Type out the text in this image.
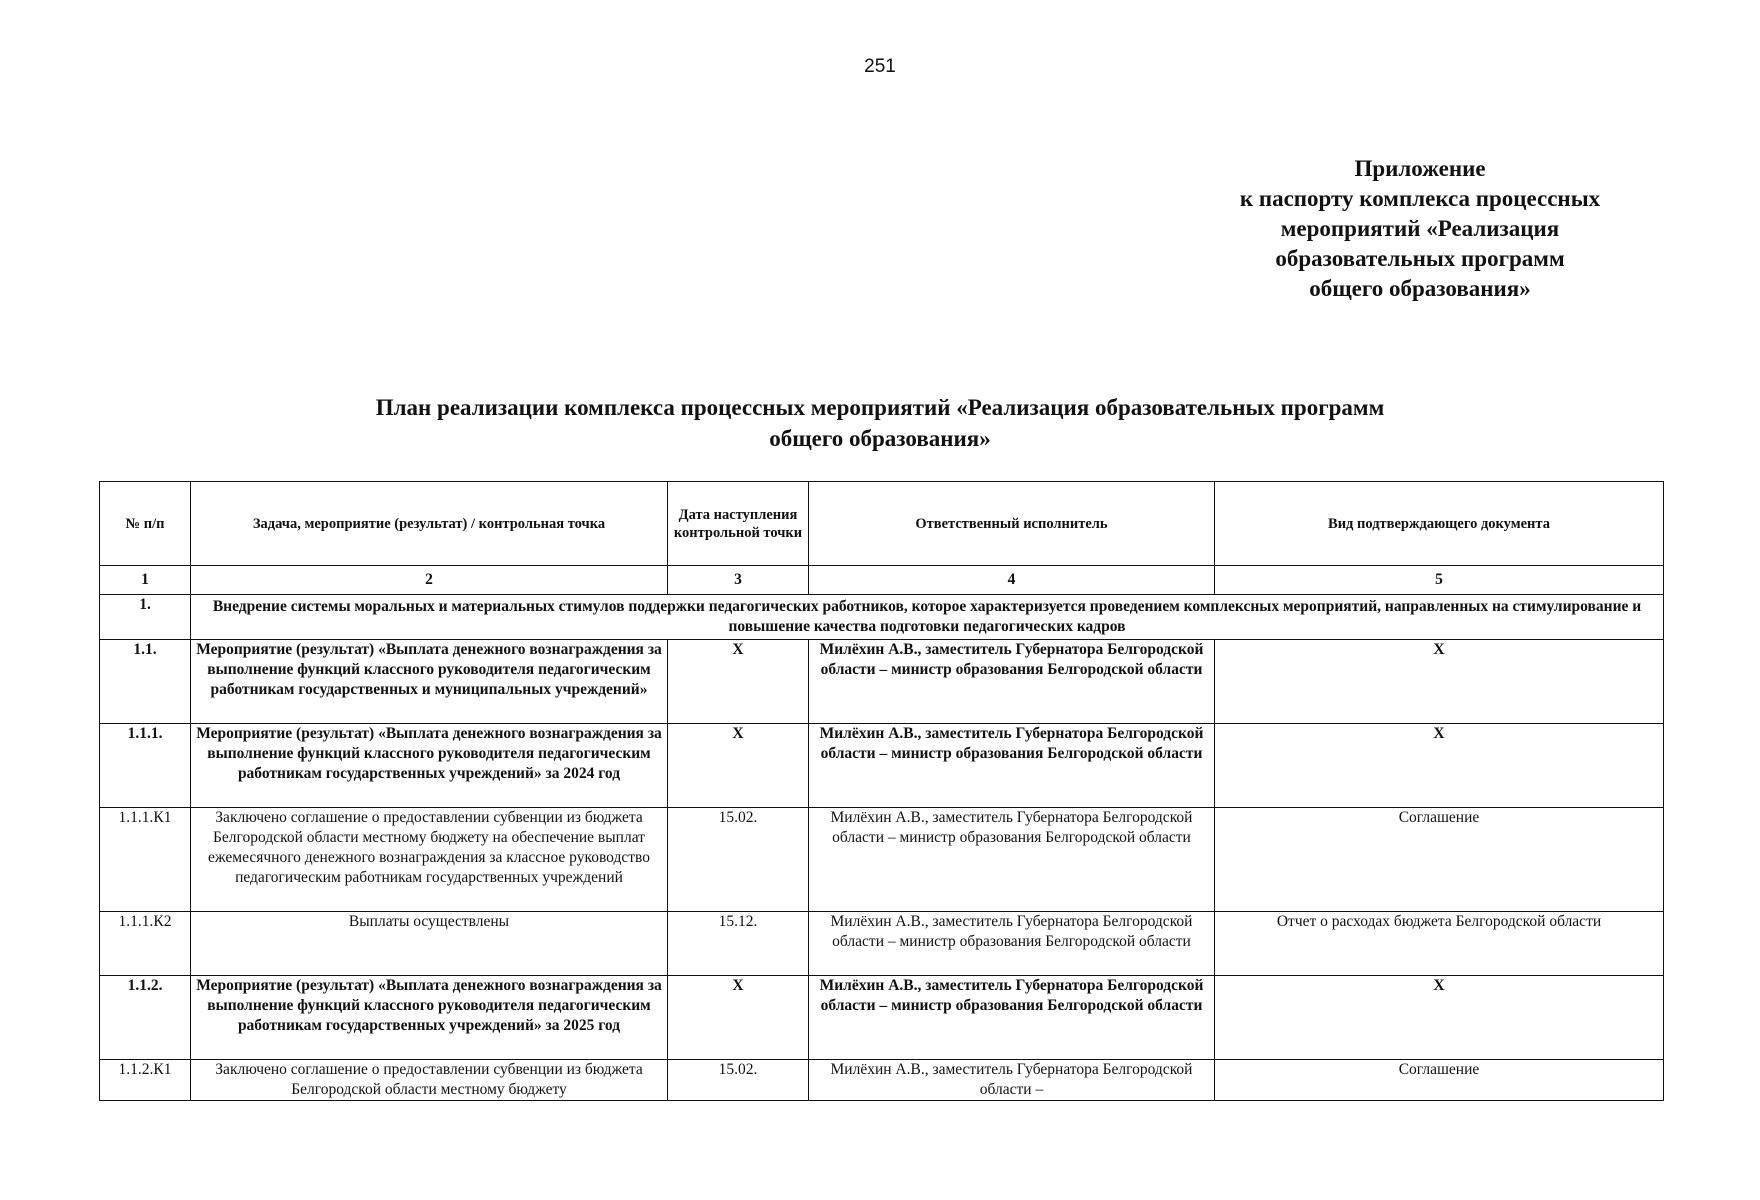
251
Приложение
к паспорту комплекса процессных
мероприятий «Реализация
образовательных программ
общего образования»
План реализации комплекса процессных мероприятий «Реализация образовательных программ
общего образования»
№ п/п	Задача, мероприятие (результат) / контрольная точка	Дата наступления контрольной точки	Ответственный исполнитель	Вид подтверждающего документа
1	2	3	4	5
1.	Внедрение системы моральных и материальных стимулов поддержки педагогических работников, которое характеризуется проведением комплексных мероприятий, направленных на стимулирование и повышение качества подготовки педагогических кадров			
1.1.	Мероприятие (результат) «Выплата денежного вознаграждения за выполнение функций классного руководителя педагогическим работникам государственных и муниципальных учреждений»	X	Милёхин А.В., заместитель Губернатора Белгородской области – министр образования Белгородской области	X
1.1.1.	Мероприятие (результат) «Выплата денежного вознаграждения за выполнение функций классного руководителя педагогическим работникам государственных учреждений» за 2024 год	X	Милёхин А.В., заместитель Губернатора Белгородской области – министр образования Белгородской области	X
1.1.1.К1	Заключено соглашение о предоставлении субвенции из бюджета Белгородской области местному бюджету на обеспечение выплат ежемесячного денежного вознаграждения за классное руководство педагогическим работникам государственных учреждений	15.02.	Милёхин А.В., заместитель Губернатора Белгородской области – министр образования Белгородской области	Соглашение
1.1.1.К2	Выплаты осуществлены	15.12.	Милёхин А.В., заместитель Губернатора Белгородской области – министр образования Белгородской области	Отчет о расходах бюджета Белгородской области
1.1.2.	Мероприятие (результат) «Выплата денежного вознаграждения за выполнение функций классного руководителя педагогическим работникам государственных учреждений» за 2025 год	X	Милёхин А.В., заместитель Губернатора Белгородской области – министр образования Белгородской области	X
1.1.2.К1	Заключено соглашение о предоставлении субвенции из бюджета Белгородской области местному бюджету	15.02.	Милёхин А.В., заместитель Губернатора Белгородской области –	Соглашение
